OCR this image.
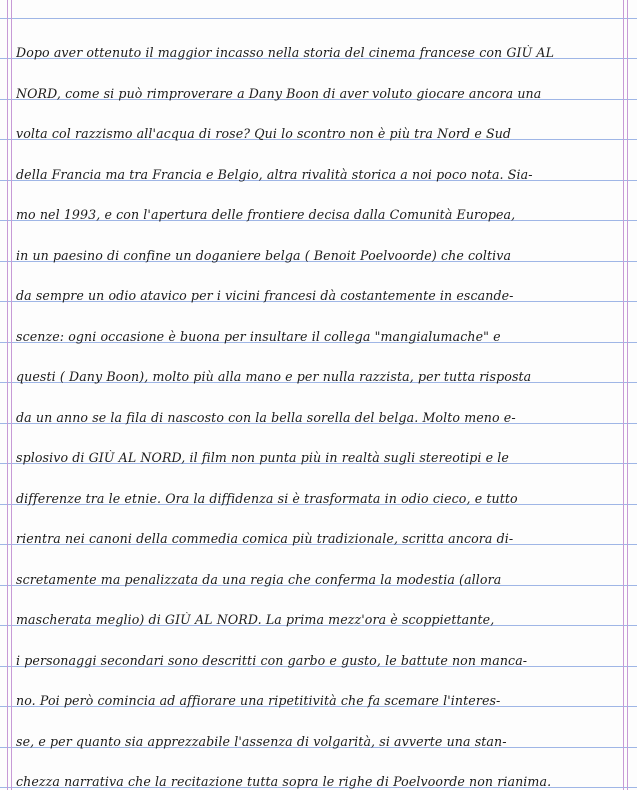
Dopo aver ottenuto il maggior incasso nella storia del cinema francese con GIÙ AL
NORD, come si può rimproverare a Dany Boon di aver voluto giocare ancora una
volta col razzismo all'acqua di rose? Qui lo scontro non è più tra Nord e Sud
della Francia ma tra Francia e Belgio, altra rivalità storica a noi poco nota. Sia-
mo nel 1993, e con l'apertura delle frontiere decisa dalla Comunità Europea,
in un paesino di confine un doganiere belga ( Benoit Poelvoorde) che coltiva
da sempre un odio atavico per i vicini francesi dà costantemente in escande-
scenze: ogni occasione è buona per insultare il collega "mangialumache" e
questi ( Dany Boon), molto più alla mano e per nulla razzista, per tutta risposta
da un anno se la fila di nascosto con la bella sorella del belga. Molto meno e-
splosivo di GIÙ AL NORD, il film non punta più in realtà sugli stereotipi e le
differenze tra le etnie. Ora la diffidenza si è trasformata in odio cieco, e tutto
rientra nei canoni della commedia comica più tradizionale, scritta ancora di-
scretamente ma penalizzata da una regia che conferma la modestia (allora
mascherata meglio) di GIÙ AL NORD. La prima mezz'ora è scoppiettante,
i personaggi secondari sono descritti con garbo e gusto, le battute non manca-
no. Poi però comincia ad affiorare una ripetitività che fa scemare l'interes-
se, e per quanto sia apprezzabile l'assenza di volgarità, si avverte una stan-
chezza narrativa che la recitazione tutta sopra le righe di Poelvoorde non rianima.
